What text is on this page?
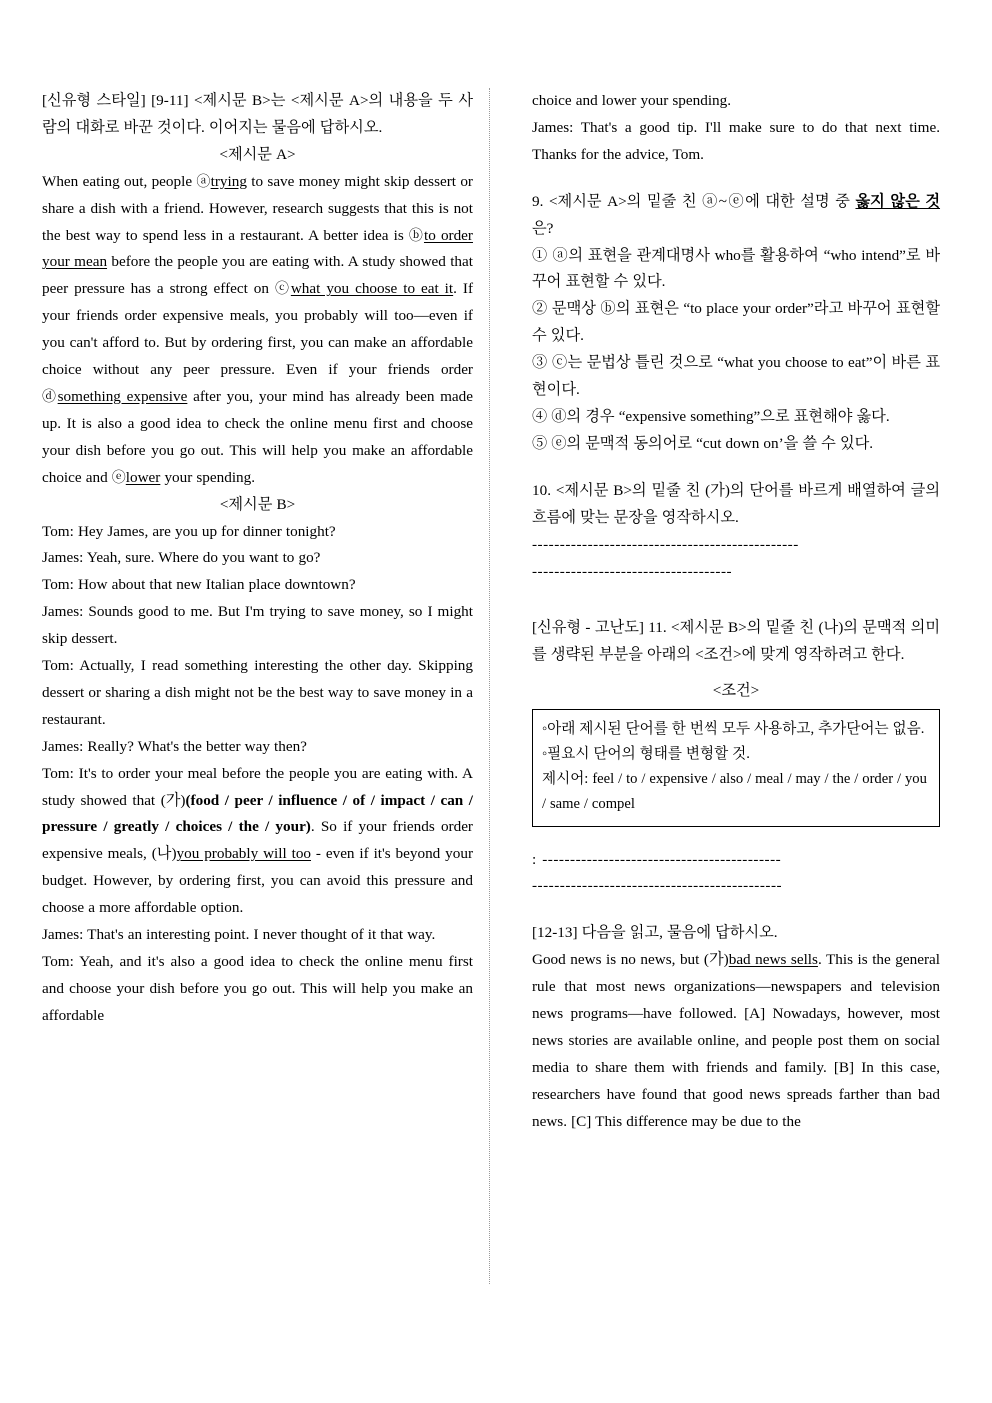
[신유형 스타일] [9-11] <제시문 B>는 <제시문 A>의 내용을 두 사람의 대화로 바꾼 것이다. 이어지는 물음에 답하시오.

<제시문 A>

When eating out, people ⓐtrying to save money might skip dessert or share a dish with a friend. However, research suggests that this is not the best way to spend less in a restaurant. A better idea is ⓑto order your mean before the people you are eating with. A study showed that peer pressure has a strong effect on ⓒwhat you choose to eat it. If your friends order expensive meals, you probably will too—even if you can't afford to. But by ordering first, you can make an affordable choice without any peer pressure. Even if your friends order ⓓsomething expensive after you, your mind has already been made up. It is also a good idea to check the online menu first and choose your dish before you go out. This will help you make an affordable choice and ⓔlower your spending.

<제시문 B>

Tom: Hey James, are you up for dinner tonight?

James: Yeah, sure. Where do you want to go?

Tom: How about that new Italian place downtown?

James: Sounds good to me. But I'm trying to save money, so I might skip dessert.

Tom: Actually, I read something interesting the other day. Skipping dessert or sharing a dish might not be the best way to save money in a restaurant.

James: Really? What's the better way then?

Tom: It's to order your meal before the people you are eating with. A study showed that (가)(food / peer / influence / of / impact / can / pressure / greatly / choices / the / your). So if your friends order expensive meals, (나)you probably will too - even if it's beyond your budget. However, by ordering first, you can avoid this pressure and choose a more affordable option.

James: That's an interesting point. I never thought of it that way.

Tom: Yeah, and it's also a good idea to check the online menu first and choose your dish before you go out. This will help you make an affordable

choice and lower your spending.

James: That's a good tip. I'll make sure to do that next time. Thanks for the advice, Tom.

9. <제시문 A>의 밑줄 친 ⓐ~ⓔ에 대한 설명 중 옳지 않은 것은?

① ⓐ의 표현을 관계대명사 who를 활용하여 “who intend”로 바꾸어 표현할 수 있다.

② 문맥상 ⓑ의 표현은 “to place your order”라고 바꾸어 표현할 수 있다.

③ ⓒ는 문법상 틀린 것으로 “what you choose to eat”이 바른 표현이다.

④ ⓓ의 경우 “expensive something”으로 표현해야 옳다.

⑤ ⓔ의 문맥적 동의어로 “cut down on’을 쓸 수 있다.

10. <제시문 B>의 밑줄 친 (가)의 단어를 바르게 배열하여 글의 흐름에 맞는 문장을 영작하시오.

------------------------------------------------
------------------------------------

[신유형 - 고난도] 11. <제시문 B>의 밑줄 친 (나)의 문맥적 의미를 생략된 부분을 아래의 <조건>에 맞게 영작하려고 한다.

<조건>

◦아래 제시된 단어를 한 번씩 모두 사용하고, 추가단어는 없음.

◦필요시 단어의 형태를 변형할 것.

제시어: feel / to / expensive / also / meal / may / the / order / you / same / compel

: -------------------------------------------
---------------------------------------------

[12-13] 다음을 읽고, 물음에 답하시오.

Good news is no news, but (가)bad news sells. This is the general rule that most news organizations—newspapers and television news programs—have followed. [A] Nowadays, however, most news stories are available online, and people post them on social media to share them with friends and family. [B] In this case, researchers have found that good news spreads farther than bad news. [C] This difference may be due to the
